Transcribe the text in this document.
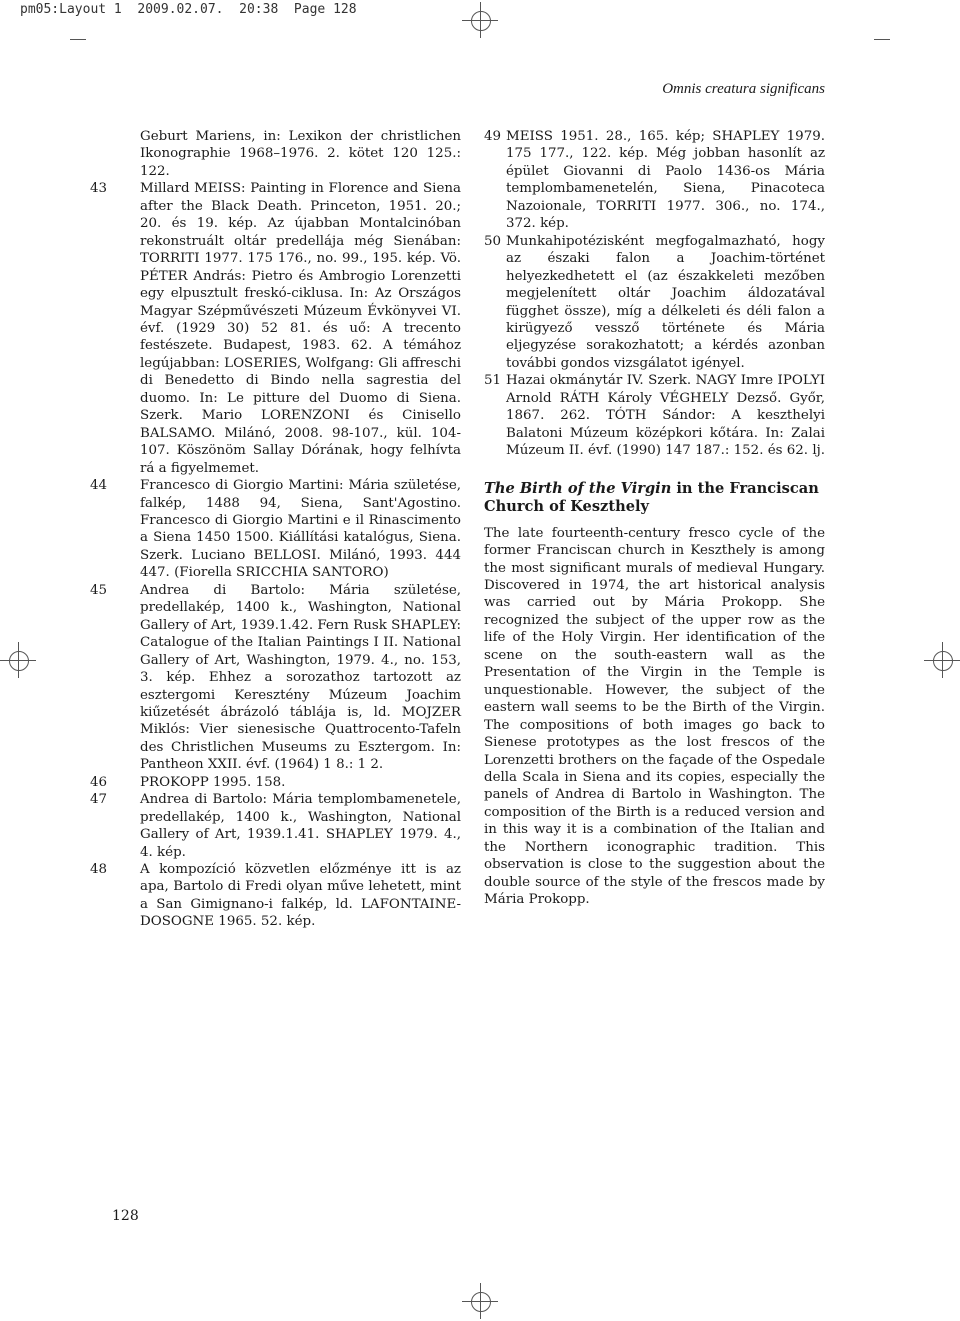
pm05:Layout 1  2009.02.07.  20:38  Page 128
Omnis creatura significans

Geburt Mariens, in: Lexikon der christlichen Ikonographie 1968–1976. 2. kötet 120 125.: 122.

43 Millard MEISS: Painting in Florence and Siena after the Black Death. Princeton, 1951. 20.; 20. és 19. kép. Az újabban Montalcinóban rekonstruált oltár predellája még Sienában: TORRITI 1977. 175 176., no. 99., 195. kép. Vö. PÉTER András: Pietro és Ambrogio Lorenzetti egy elpusztult freskó-ciklusa. In: Az Országos Magyar Szépművészeti Múzeum Évkönyvei VI. évf. (1929 30) 52 81. és uő: A trecento festészete. Budapest, 1983. 62. A témához legújabban: LOSERIES, Wolfgang: Gli affreschi di Benedetto di Bindo nella sagrestia del duomo. In: Le pitture del Duomo di Siena. Szerk. Mario LORENZONI és Cinisello BALSAMO. Milánó, 2008. 98-107., kül. 104-107. Köszönöm Sallay Dórának, hogy felhívta rá a figyelmemet.

44 Francesco di Giorgio Martini: Mária születése, falkép, 1488 94, Siena, Sant'Agostino. Francesco di Giorgio Martini e il Rinascimento a Siena 1450 1500. Kiállítási katalógus, Siena. Szerk. Luciano BELLOSI. Milánó, 1993. 444 447. (Fiorella SRICCHIA SANTORO)

45 Andrea di Bartolo: Mária születése, predellakép, 1400 k., Washington, National Gallery of Art, 1939.1.42. Fern Rusk SHAPLEY: Catalogue of the Italian Paintings I II. National Gallery of Art, Washington, 1979. 4., no. 153, 3. kép. Ehhez a sorozathoz tartozott az esztergomi Keresztény Múzeum Joachim kiűzetését ábrázoló táblája is, ld. MOJZER Miklós: Vier sienesische Quattrocento-Tafeln des Christlichen Museums zu Esztergom. In: Pantheon XXII. évf. (1964) 1 8.: 1 2.

46 PROKOPP 1995. 158.

47 Andrea di Bartolo: Mária templombamenetele, predellakép, 1400 k., Washington, National Gallery of Art, 1939.1.41. SHAPLEY 1979. 4., 4. kép.

48 A kompozíció közvetlen előzménye itt is az apa, Bartolo di Fredi olyan műve lehetett, mint a San Gimignano-i falkép, ld. LAFONTAINE-DOSOGNE 1965. 52. kép.

49 MEISS 1951. 28., 165. kép; SHAPLEY 1979. 175 177., 122. kép. Még jobban hasonlít az épület Giovanni di Paolo 1436-os Mária templombamenetelén, Siena, Pinacoteca Nazoionale, TORRITI 1977. 306., no. 174., 372. kép.

50 Munkahipotézisként megfogalmazható, hogy az északi falon a Joachim-történet helyezkedhetett el (az északkeleti mezőben megjelenített oltár Joachim áldozatával függhet össze), míg a délkeleti és déli falon a kirügyező vessző története és Mária eljegyzése sorakozhatott; a kérdés azonban további gondos vizsgálatot igényel.

51 Hazai okmánytár IV. Szerk. NAGY Imre IPOLYI Arnold RÁTH Károly VÉGHELY Dezső. Győr, 1867. 262. TÓTH Sándor: A keszthelyi Balatoni Múzeum középkori kőtára. In: Zalai Múzeum II. évf. (1990) 147 187.: 152. és 62. lj.

The Birth of the Virgin in the Franciscan Church of Keszthely

The late fourteenth-century fresco cycle of the former Franciscan church in Keszthely is among the most significant murals of medieval Hungary. Discovered in 1974, the art historical analysis was carried out by Mária Prokopp. She recognized the subject of the upper row as the life of the Holy Virgin. Her identification of the scene on the south-eastern wall as the Presentation of the Virgin in the Temple is unquestionable. However, the subject of the eastern wall seems to be the Birth of the Virgin. The compositions of both images go back to Sienese prototypes as the lost frescos of the Lorenzetti brothers on the façade of the Ospedale della Scala in Siena and its copies, especially the panels of Andrea di Bartolo in Washington. The composition of the Birth is a reduced version and in this way it is a combination of the Italian and the Northern iconographic tradition. This observation is close to the suggestion about the double source of the style of the frescos made by Mária Prokopp.

128
